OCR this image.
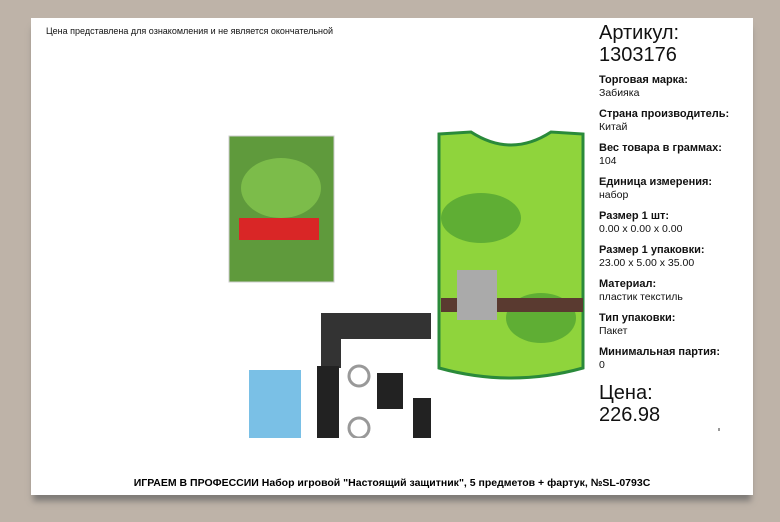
Цена представлена для ознакомления и не является окончательной	Артикул:
1303176
Торговая марка:
Забияка
Страна производитель:
Китай
Вес товара в граммах:
104
Единица измерения:
набор
Размер 1 шт:
0.00 x 0.00 x 0.00
Размер 1 упаковки:
23.00 x 5.00 x 35.00
Материал:
пластик текстиль
Тип упаковки:
Пакет
Минимальная партия:
0
Цена:
226.98
ИГРАЕМ В ПРОФЕССИИ Набор игровой "Настоящий защитник", 5 предметов + фартук, №SL-0793C
